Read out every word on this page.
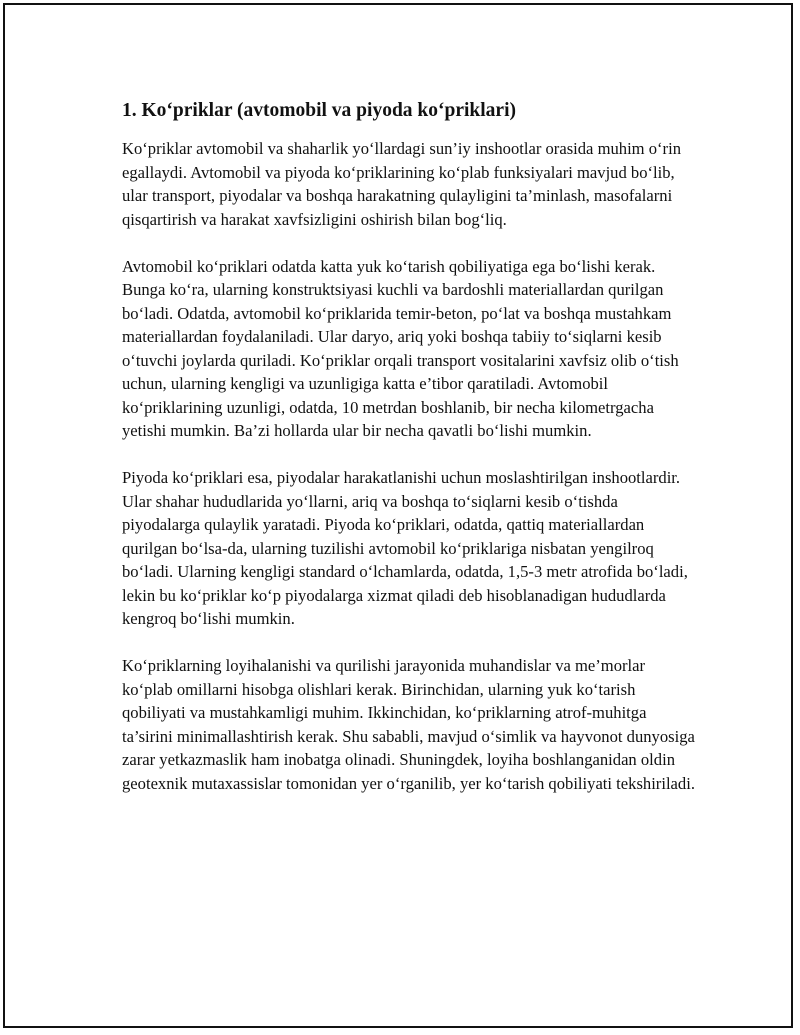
1. Ko‘priklar (avtomobil va piyoda ko‘priklari)

Ko‘priklar avtomobil va shaharlik yo‘llardagi sun’iy inshootlar orasida muhim o‘rin egallaydi. Avtomobil va piyoda ko‘priklarining ko‘plab funksiyalari mavjud bo‘lib, ular transport, piyodalar va boshqa harakatning qulayligini ta’minlash, masofalarni qisqartirish va harakat xavfsizligini oshirish bilan bog‘liq.

Avtomobil ko‘priklari odatda katta yuk ko‘tarish qobiliyatiga ega bo‘lishi kerak. Bunga ko‘ra, ularning konstruktsiyasi kuchli va bardoshli materiallardan qurilgan bo‘ladi. Odatda, avtomobil ko‘priklarida temir-beton, po‘lat va boshqa mustahkam materiallardan foydalaniladi. Ular daryo, ariq yoki boshqa tabiiy to‘siqlarni kesib o‘tuvchi joylarda quriladi. Ko‘priklar orqali transport vositalarini xavfsiz olib o‘tish uchun, ularning kengligi va uzunligiga katta e’tibor qaratiladi. Avtomobil ko‘priklarining uzunligi, odatda, 10 metrdan boshlanib, bir necha kilometrgacha yetishi mumkin. Ba’zi hollarda ular bir necha qavatli bo‘lishi mumkin.

Piyoda ko‘priklari esa, piyodalar harakatlanishi uchun moslashtirilgan inshootlardir. Ular shahar hududlarida yo‘llarni, ariq va boshqa to‘siqlarni kesib o‘tishda piyodalarga qulaylik yaratadi. Piyoda ko‘priklari, odatda, qattiq materiallardan qurilgan bo‘lsa-da, ularning tuzilishi avtomobil ko‘priklariga nisbatan yengilroq bo‘ladi. Ularning kengligi standard o‘lchamlarda, odatda, 1,5-3 metr atrofida bo‘ladi, lekin bu ko‘priklar ko‘p piyodalarga xizmat qiladi deb hisoblanadigan hududlarda kengroq bo‘lishi mumkin.

Ko‘priklarning loyihalanishi va qurilishi jarayonida muhandislar va me’morlar ko‘plab omillarni hisobga olishlari kerak. Birinchidan, ularning yuk ko‘tarish qobiliyati va mustahkamligi muhim. Ikkinchidan, ko‘priklarning atrof-muhitga ta’sirini minimallashtirish kerak. Shu sababli, mavjud o‘simlik va hayvonot dunyosiga zarar yetkazmaslik ham inobatga olinadi. Shuningdek, loyiha boshlanganidan oldin geotexnik mutaxassislar tomonidan yer o‘rganilib, yer ko‘tarish qobiliyati tekshiriladi.
